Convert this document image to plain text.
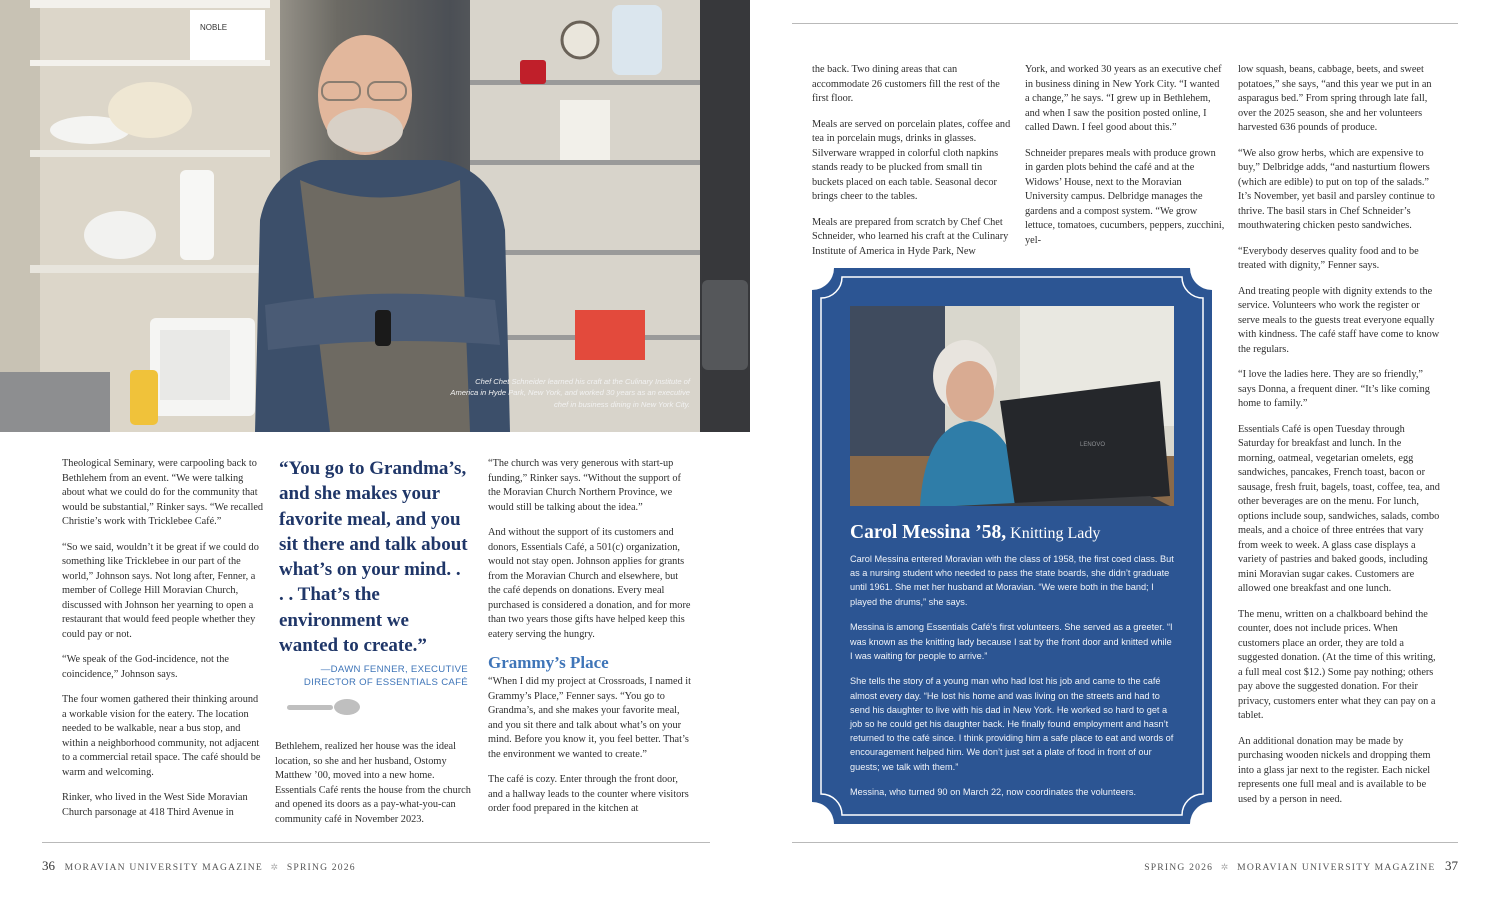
NOBLE
Chef Chet Schneider learned his craft at the Culinary Institute of America in Hyde Park, New York, and worked 30 years as an executive chef in business dining in New York City.

Theological Seminary, were carpooling back to Bethlehem from an event. “We were talking about what we could do for the community that would be substantial,” Rinker says. “We recalled Christie’s work with Tricklebee Café.”

“So we said, wouldn’t it be great if we could do something like Tricklebee in our part of the world,” Johnson says. Not long after, Fenner, a member of College Hill Moravian Church, discussed with Johnson her yearning to open a restaurant that would feed people whether they could pay or not.

“We speak of the God-incidence, not the coincidence,” Johnson says.

The four women gathered their thinking around a workable vision for the eatery. The location needed to be walkable, near a bus stop, and within a neighborhood community, not adjacent to a commercial retail space. The café should be warm and welcoming.

Rinker, who lived in the West Side Moravian Church parsonage at 418 Third Avenue in

“You go to Grandma’s, and she makes your favorite meal, and you sit there and talk about what’s on your mind. . . . That’s the environment we wanted to create.”
—DAWN FENNER, EXECUTIVE DIRECTOR OF ESSENTIALS CAFÉ

Bethlehem, realized her house was the ideal location, so she and her husband, Ostomy Matthew ’00, moved into a new home. Essentials Café rents the house from the church and opened its doors as a pay-what-you-can community café in November 2023.

“The church was very generous with start-up funding,” Rinker says. “Without the support of the Moravian Church Northern Province, we would still be talking about the idea.”

And without the support of its customers and donors, Essentials Café, a 501(c) organization, would not stay open. Johnson applies for grants from the Moravian Church and elsewhere, but the café depends on donations. Every meal purchased is considered a donation, and for more than two years those gifts have helped keep this eatery serving the hungry.

Grammy’s Place

“When I did my project at Crossroads, I named it Grammy’s Place,” Fenner says. “You go to Grandma’s, and she makes your favorite meal, and you sit there and talk about what’s on your mind. Before you know it, you feel better. That’s the environment we wanted to create.”

The café is cozy. Enter through the front door, and a hallway leads to the counter where visitors order food prepared in the kitchen at

36 MORAVIAN UNIVERSITY MAGAZINE ✲ SPRING 2026

the back. Two dining areas that can accommodate 26 customers fill the rest of the first floor.

Meals are served on porcelain plates, coffee and tea in porcelain mugs, drinks in glasses. Silverware wrapped in colorful cloth napkins stands ready to be plucked from small tin buckets placed on each table. Seasonal decor brings cheer to the tables.

Meals are prepared from scratch by Chef Chet Schneider, who learned his craft at the Culinary Institute of America in Hyde Park, New

York, and worked 30 years as an executive chef in business dining in New York City. “I wanted a change,” he says. “I grew up in Bethlehem, and when I saw the position posted online, I called Dawn. I feel good about this.”

Schneider prepares meals with produce grown in garden plots behind the café and at the Widows’ House, next to the Moravian University campus. Delbridge manages the gardens and a compost system. “We grow lettuce, tomatoes, cucumbers, peppers, zucchini, yel-

low squash, beans, cabbage, beets, and sweet potatoes,” she says, “and this year we put in an asparagus bed.” From spring through late fall, over the 2025 season, she and her volunteers harvested 636 pounds of produce.

“We also grow herbs, which are expensive to buy,” Delbridge adds, “and nasturtium flowers (which are edible) to put on top of the salads.” It’s November, yet basil and parsley continue to thrive. The basil stars in Chef Schneider’s mouthwatering chicken pesto sandwiches.

“Everybody deserves quality food and to be treated with dignity,” Fenner says.

And treating people with dignity extends to the service. Volunteers who work the register or serve meals to the guests treat everyone equally with kindness. The café staff have come to know the regulars.

“I love the ladies here. They are so friendly,” says Donna, a frequent diner. “It’s like coming home to family.”

Essentials Café is open Tuesday through Saturday for breakfast and lunch. In the morning, oatmeal, vegetarian omelets, egg sandwiches, pancakes, French toast, bacon or sausage, fresh fruit, bagels, toast, coffee, tea, and other beverages are on the menu. For lunch, options include soup, sandwiches, salads, combo meals, and a choice of three entrées that vary from week to week. A glass case displays a variety of pastries and baked goods, including mini Moravian sugar cakes. Customers are allowed one breakfast and one lunch.

The menu, written on a chalkboard behind the counter, does not include prices. When customers place an order, they are told a suggested donation. (At the time of this writing, a full meal cost $12.) Some pay nothing; others pay above the suggested donation. For their privacy, customers enter what they can pay on a tablet.

An additional donation may be made by purchasing wooden nickels and dropping them into a glass jar next to the register. Each nickel represents one full meal and is available to be used by a person in need.

LENOVO
Carol Messina ’58, Knitting Lady

Carol Messina entered Moravian with the class of 1958, the first coed class. But as a nursing student who needed to pass the state boards, she didn’t graduate until 1961. She met her husband at Moravian. “We were both in the band; I played the drums,” she says.

Messina is among Essentials Café’s first volunteers. She served as a greeter. “I was known as the knitting lady because I sat by the front door and knitted while I was waiting for people to arrive.”

She tells the story of a young man who had lost his job and came to the café almost every day. “He lost his home and was living on the streets and had to send his daughter to live with his dad in New York. He worked so hard to get a job so he could get his daughter back. He finally found employment and hasn’t returned to the café since. I think providing him a safe place to eat and words of encouragement helped him. We don’t just set a plate of food in front of our guests; we talk with them.”

Messina, who turned 90 on March 22, now coordinates the volunteers.

SPRING 2026 ✲ MORAVIAN UNIVERSITY MAGAZINE 37
